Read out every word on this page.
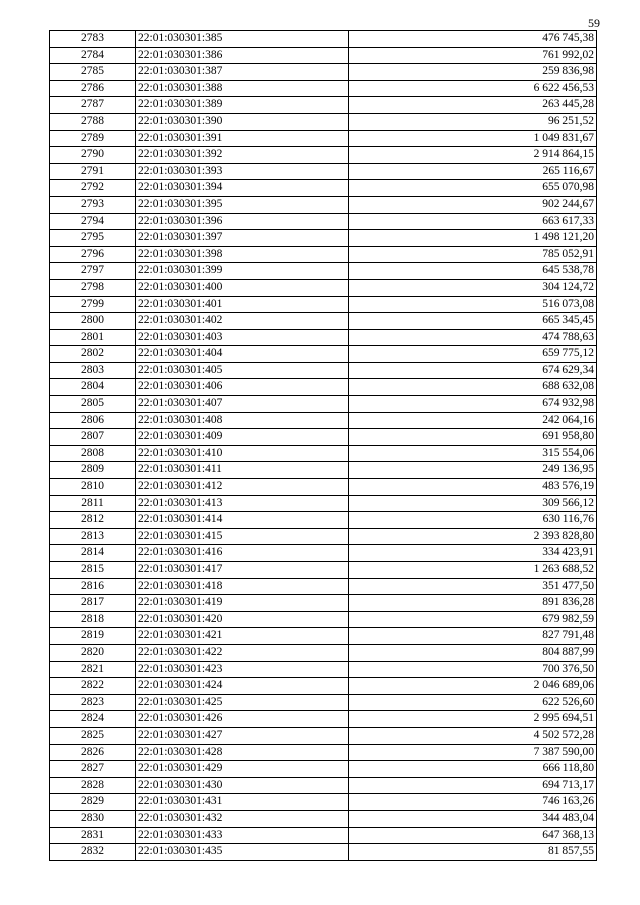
59
2783	22:01:030301:385	476 745,38
2784	22:01:030301:386	761 992,02
2785	22:01:030301:387	259 836,98
2786	22:01:030301:388	6 622 456,53
2787	22:01:030301:389	263 445,28
2788	22:01:030301:390	96 251,52
2789	22:01:030301:391	1 049 831,67
2790	22:01:030301:392	2 914 864,15
2791	22:01:030301:393	265 116,67
2792	22:01:030301:394	655 070,98
2793	22:01:030301:395	902 244,67
2794	22:01:030301:396	663 617,33
2795	22:01:030301:397	1 498 121,20
2796	22:01:030301:398	785 052,91
2797	22:01:030301:399	645 538,78
2798	22:01:030301:400	304 124,72
2799	22:01:030301:401	516 073,08
2800	22:01:030301:402	665 345,45
2801	22:01:030301:403	474 788,63
2802	22:01:030301:404	659 775,12
2803	22:01:030301:405	674 629,34
2804	22:01:030301:406	688 632,08
2805	22:01:030301:407	674 932,98
2806	22:01:030301:408	242 064,16
2807	22:01:030301:409	691 958,80
2808	22:01:030301:410	315 554,06
2809	22:01:030301:411	249 136,95
2810	22:01:030301:412	483 576,19
2811	22:01:030301:413	309 566,12
2812	22:01:030301:414	630 116,76
2813	22:01:030301:415	2 393 828,80
2814	22:01:030301:416	334 423,91
2815	22:01:030301:417	1 263 688,52
2816	22:01:030301:418	351 477,50
2817	22:01:030301:419	891 836,28
2818	22:01:030301:420	679 982,59
2819	22:01:030301:421	827 791,48
2820	22:01:030301:422	804 887,99
2821	22:01:030301:423	700 376,50
2822	22:01:030301:424	2 046 689,06
2823	22:01:030301:425	622 526,60
2824	22:01:030301:426	2 995 694,51
2825	22:01:030301:427	4 502 572,28
2826	22:01:030301:428	7 387 590,00
2827	22:01:030301:429	666 118,80
2828	22:01:030301:430	694 713,17
2829	22:01:030301:431	746 163,26
2830	22:01:030301:432	344 483,04
2831	22:01:030301:433	647 368,13
2832	22:01:030301:435	81 857,55
